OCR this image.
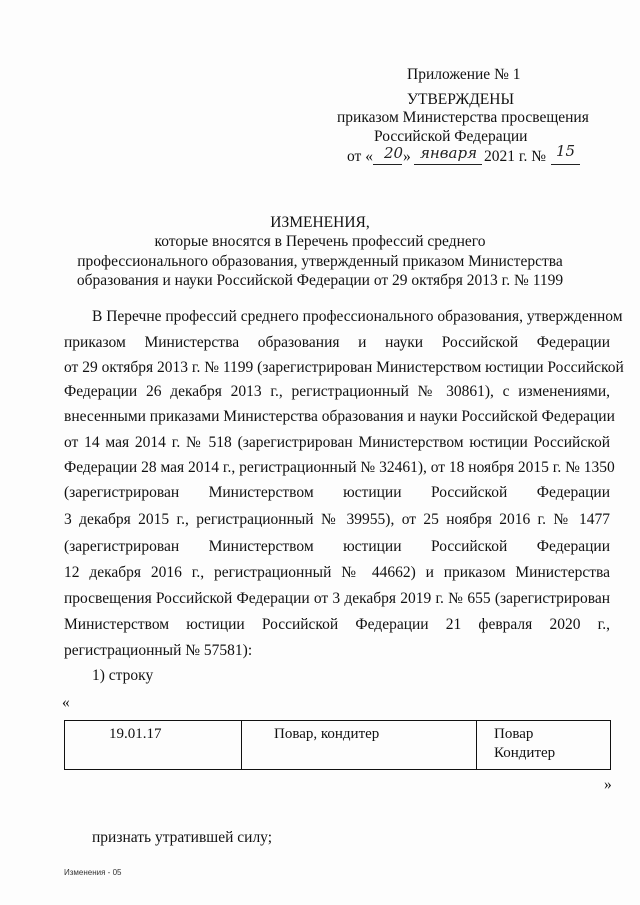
Приложение № 1
УТВЕРЖДЕНЫ
приказом Министерства просвещения
Российской Федерации
от « 20 » января 2021 г. № 15
ИЗМЕНЕНИЯ,
которые вносятся в Перечень профессий среднего
профессионального образования, утвержденный приказом Министерства
образования и науки Российской Федерации от 29 октября 2013 г. № 1199
В Перечне профессий среднего профессионального образования, утвержденном
приказом Министерства образования и науки Российской Федерации
от 29 октября 2013 г. № 1199 (зарегистрирован Министерством юстиции Российской
Федерации 26 декабря 2013 г., регистрационный № 30861), с изменениями,
внесенными приказами Министерства образования и науки Российской Федерации
от 14 мая 2014 г. № 518 (зарегистрирован Министерством юстиции Российской
Федерации 28 мая 2014 г., регистрационный № 32461), от 18 ноября 2015 г. № 1350
(зарегистрирован Министерством юстиции Российской Федерации
3 декабря 2015 г., регистрационный № 39955), от 25 ноября 2016 г. № 1477
(зарегистрирован Министерством юстиции Российской Федерации
12 декабря 2016 г., регистрационный № 44662) и приказом Министерства
просвещения Российской Федерации от 3 декабря 2019 г. № 655 (зарегистрирован
Министерством юстиции Российской Федерации 21 февраля 2020 г.,
регистрационный № 57581):
1) строку
«
19.01.17	Повар, кондитер	Повар
Кондитер
»
признать утратившей силу;
Изменения - 05
